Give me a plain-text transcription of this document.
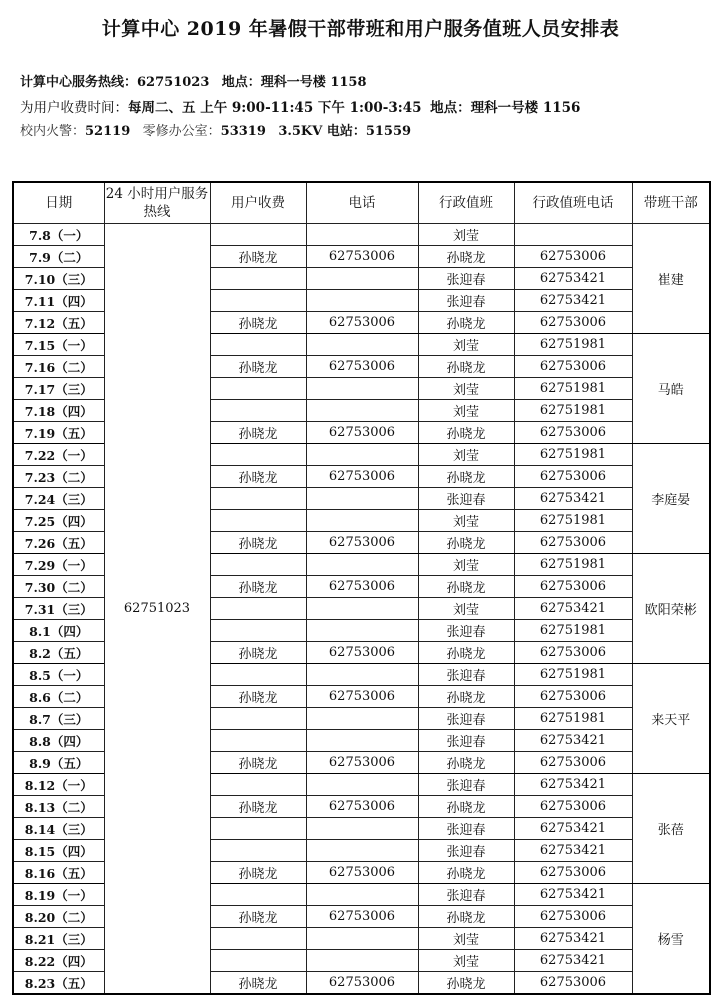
计算中心 2019 年暑假干部带班和用户服务值班人员安排表
计算中心服务热线：62751023 地点：理科一号楼 1158
为用户收费时间：每周二、五 上午 9:00-11:45 下午 1:00-3:45 地点：理科一号楼 1156
校内火警：52119 零修办公室：53319 3.5KV 电站：51559
日期	24 小时用户服务热线	用户收费	电话	行政值班	行政值班电话	带班干部
7.8（一）	62751023			刘莹		崔建
7.9（二）		孙晓龙	62753006	孙晓龙	62753006	
7.10（三）				张迎春	62753421	
7.11（四）				张迎春	62753421	
7.12（五）		孙晓龙	62753006	孙晓龙	62753006	
7.15（一）				刘莹	62751981	马皓
7.16（二）		孙晓龙	62753006	孙晓龙	62753006	
7.17（三）				刘莹	62751981	
7.18（四）				刘莹	62751981	
7.19（五）		孙晓龙	62753006	孙晓龙	62753006	
7.22（一）				刘莹	62751981	李庭晏
7.23（二）		孙晓龙	62753006	孙晓龙	62753006	
7.24（三）				张迎春	62753421	
7.25（四）				刘莹	62751981	
7.26（五）		孙晓龙	62753006	孙晓龙	62753006	
7.29（一）				刘莹	62751981	欧阳荣彬
7.30（二）		孙晓龙	62753006	孙晓龙	62753006	
7.31（三）				刘莹	62753421	
8.1（四）				张迎春	62751981	
8.2（五）		孙晓龙	62753006	孙晓龙	62753006	
8.5（一）				张迎春	62751981	来天平
8.6（二）		孙晓龙	62753006	孙晓龙	62753006	
8.7（三）				张迎春	62751981	
8.8（四）				张迎春	62753421	
8.9（五）		孙晓龙	62753006	孙晓龙	62753006	
8.12（一）				张迎春	62753421	张蓓
8.13（二）		孙晓龙	62753006	孙晓龙	62753006	
8.14（三）				张迎春	62753421	
8.15（四）				张迎春	62753421	
8.16（五）		孙晓龙	62753006	孙晓龙	62753006	
8.19（一）				张迎春	62753421	杨雪
8.20（二）		孙晓龙	62753006	孙晓龙	62753006	
8.21（三）				刘莹	62753421	
8.22（四）				刘莹	62753421	
8.23（五）		孙晓龙	62753006	孙晓龙	62753006	
